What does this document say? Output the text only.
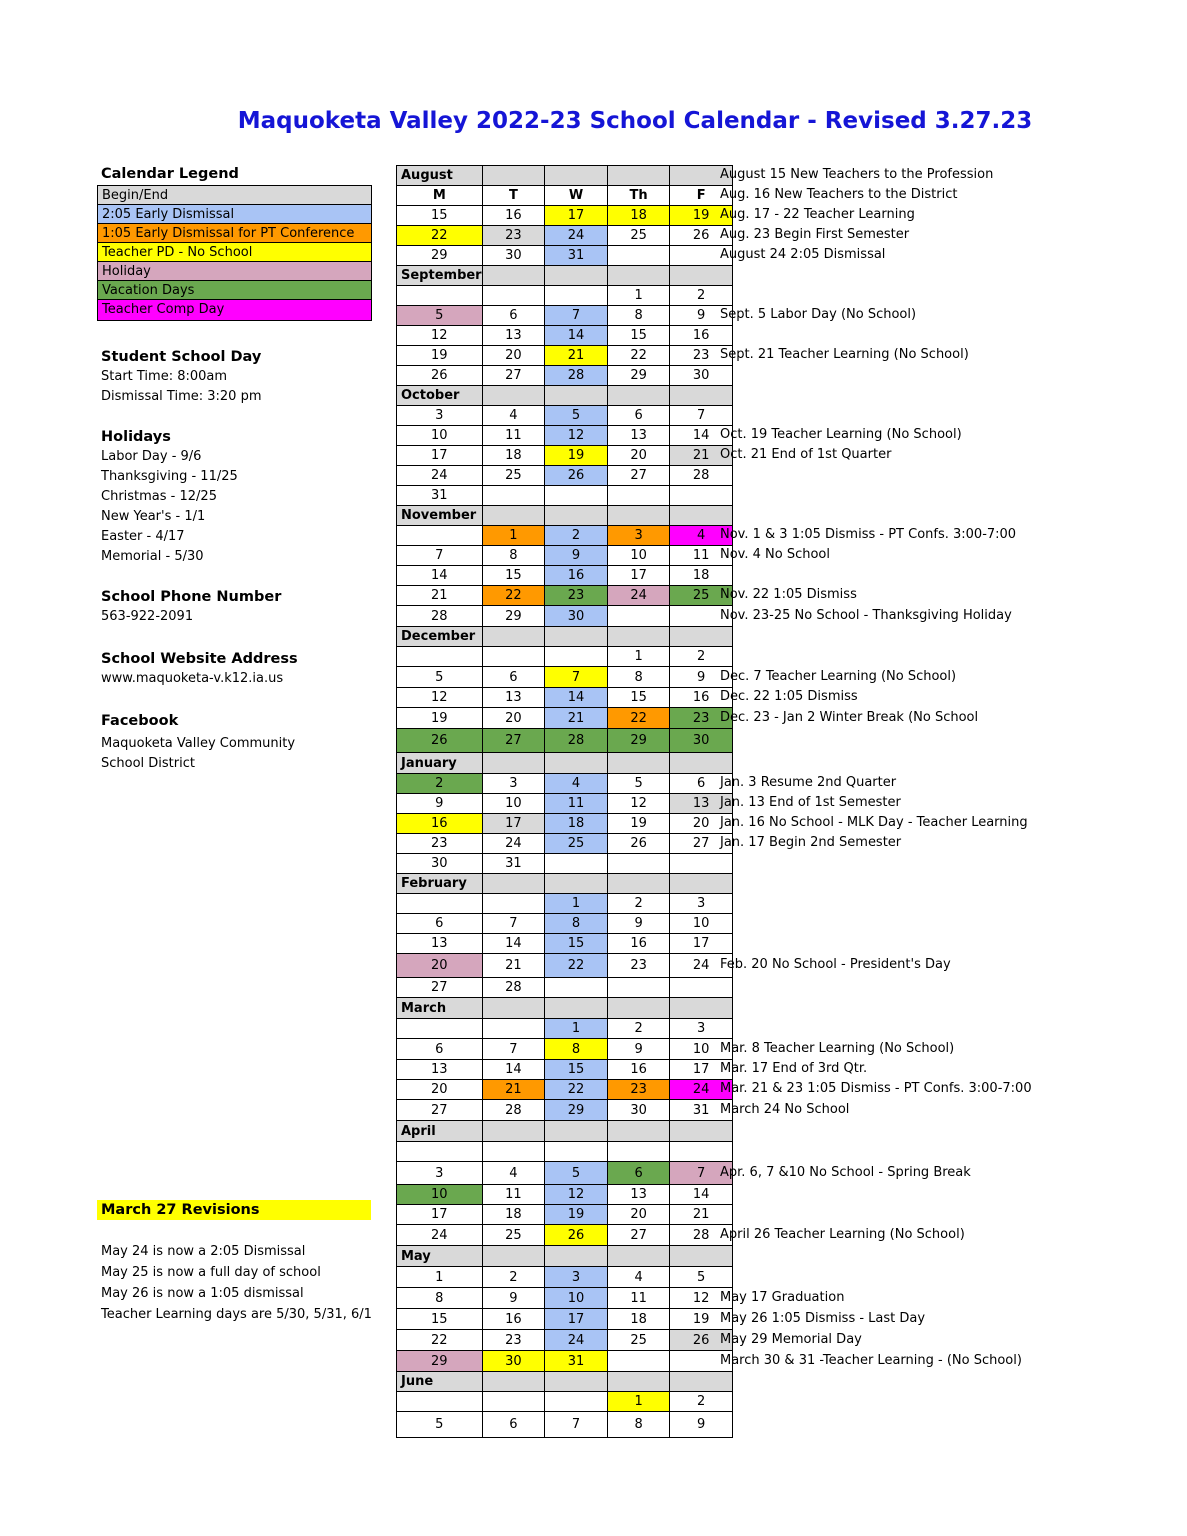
Maquoketa Valley 2022-23 School Calendar - Revised 3.27.23
Calendar Legend
Begin/End
2:05 Early Dismissal
1:05 Early Dismissal for PT Conference
Teacher PD - No School
Holiday
Vacation Days
Teacher Comp Day
Student School Day
Start Time: 8:00am
Dismissal Time: 3:20 pm
Holidays
Labor Day - 9/6
Thanksgiving - 11/25
Christmas - 12/25
New Year's - 1/1
Easter - 4/17
Memorial - 5/30
School Phone Number
563-922-2091
School Website Address
www.maquoketa-v.k12.ia.us
Facebook
Maquoketa Valley Community
School District
March 27 Revisions
May 24 is now a 2:05 Dismissal
May 25 is now a full day of school
May 26 is now a 1:05 dismissal
Teacher Learning days are 5/30, 5/31, 6/1
August				
M	T	W	Th	F
15	16	17	18	19
22	23	24	25	26
29	30	31		
September				
			1	2
5	6	7	8	9
12	13	14	15	16
19	20	21	22	23
26	27	28	29	30
October				
3	4	5	6	7
10	11	12	13	14
17	18	19	20	21
24	25	26	27	28
31				
November				
	1	2	3	4
7	8	9	10	11
14	15	16	17	18
21	22	23	24	25
28	29	30		
December				
			1	2
5	6	7	8	9
12	13	14	15	16
19	20	21	22	23
26	27	28	29	30
January				
2	3	4	5	6
9	10	11	12	13
16	17	18	19	20
23	24	25	26	27
30	31			
February				
		1	2	3
6	7	8	9	10
13	14	15	16	17
20	21	22	23	24
27	28			
March				
		1	2	3
6	7	8	9	10
13	14	15	16	17
20	21	22	23	24
27	28	29	30	31
April				

3	4	5	6	7
10	11	12	13	14
17	18	19	20	21
24	25	26	27	28
May				
1	2	3	4	5
8	9	10	11	12
15	16	17	18	19
22	23	24	25	26
29	30	31		
June				
			1	2
5	6	7	8	9
August 15 New Teachers to the Profession
Aug. 16 New Teachers to the District
Aug. 17 - 22 Teacher Learning
Aug. 23 Begin First Semester
August 24 2:05 Dismissal
Sept. 5 Labor Day (No School)
Sept. 21 Teacher Learning (No School)
Oct. 19 Teacher Learning (No School)
Oct. 21 End of 1st Quarter
Nov. 1 & 3 1:05 Dismiss - PT Confs. 3:00-7:00
Nov. 4 No School
Nov. 22 1:05 Dismiss
Nov. 23-25 No School - Thanksgiving Holiday
Dec. 7 Teacher Learning (No School)
Dec. 22 1:05 Dismiss
Dec. 23 - Jan 2 Winter Break (No School
Jan. 3 Resume 2nd Quarter
Jan. 13 End of 1st Semester
Jan. 16 No School - MLK Day - Teacher Learning
Jan. 17 Begin 2nd Semester
Feb. 20 No School - President's Day
Mar. 8 Teacher Learning (No School)
Mar. 17 End of 3rd Qtr.
Mar. 21 & 23 1:05 Dismiss - PT Confs. 3:00-7:00
March 24 No School
Apr. 6, 7 &10 No School - Spring Break
April 26 Teacher Learning (No School)
May 17 Graduation
May 26 1:05 Dismiss - Last Day
May 29 Memorial Day
March 30 & 31 -Teacher Learning - (No School)
